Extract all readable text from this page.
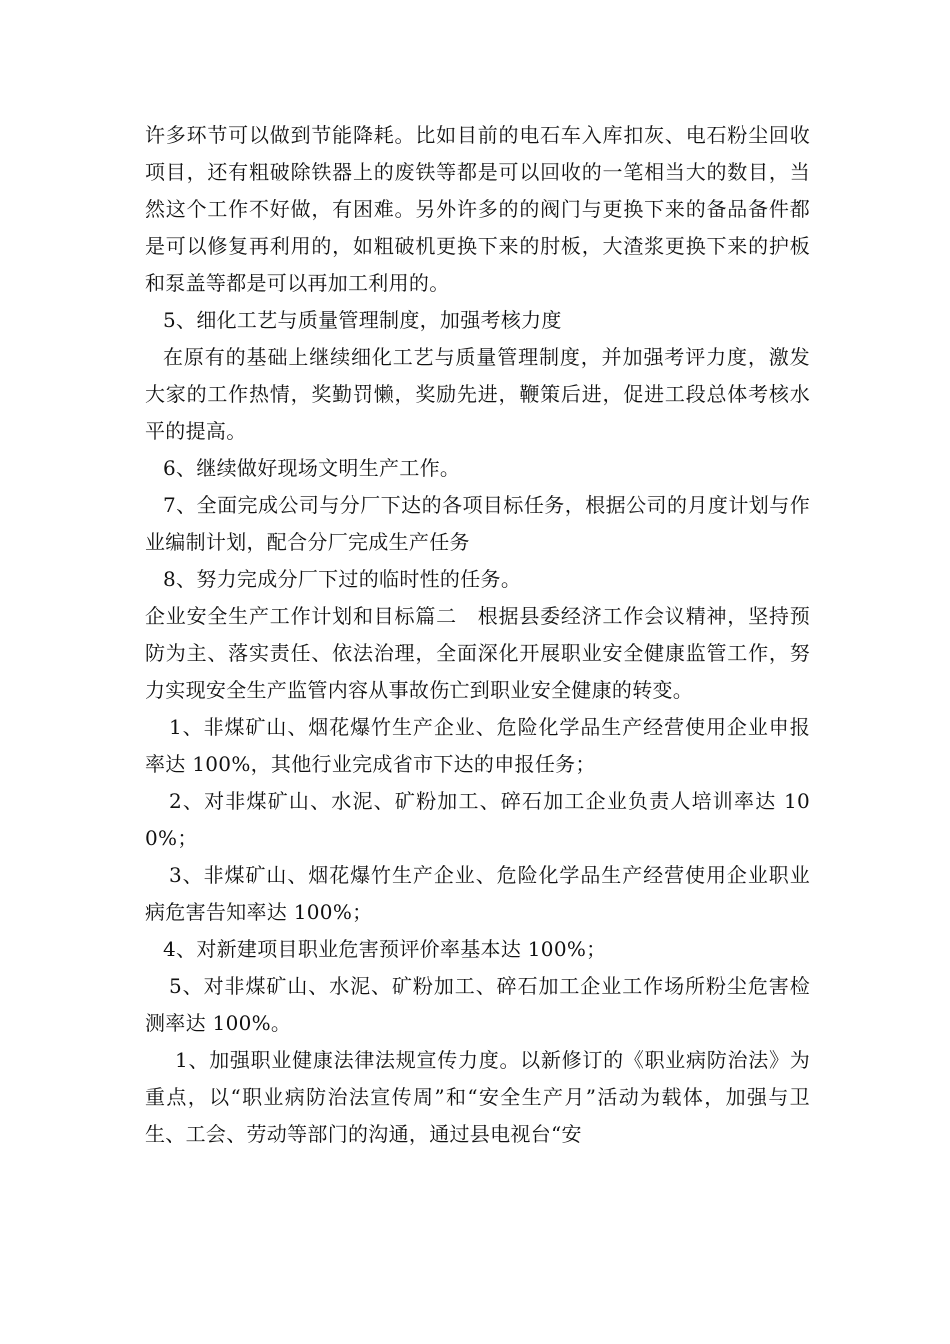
许多环节可以做到节能降耗。比如目前的电石车入库扣灰、电石粉尘回收项目，还有粗破除铁器上的废铁等都是可以回收的一笔相当大的数目，当然这个工作不好做，有困难。另外许多的的阀门与更换下来的备品备件都是可以修复再利用的，如粗破机更换下来的肘板，大渣浆更换下来的护板和泵盖等都是可以再加工利用的。

5、细化工艺与质量管理制度，加强考核力度

在原有的基础上继续细化工艺与质量管理制度，并加强考评力度，激发大家的工作热情，奖勤罚懒，奖励先进，鞭策后进，促进工段总体考核水平的提高。

6、继续做好现场文明生产工作。

7、全面完成公司与分厂下达的各项目标任务，根据公司的月度计划与作业编制计划，配合分厂完成生产任务

8、努力完成分厂下过的临时性的任务。

企业安全生产工作计划和目标篇二　根据县委经济工作会议精神，坚持预防为主、落实责任、依法治理，全面深化开展职业安全健康监管工作，努力实现安全生产监管内容从事故伤亡到职业安全健康的转变。

1、非煤矿山、烟花爆竹生产企业、危险化学品生产经营使用企业申报率达 100%，其他行业完成省市下达的申报任务；

2、对非煤矿山、水泥、矿粉加工、碎石加工企业负责人培训率达 100%；

3、非煤矿山、烟花爆竹生产企业、危险化学品生产经营使用企业职业病危害告知率达 100%；

4、对新建项目职业危害预评价率基本达 100%；

5、对非煤矿山、水泥、矿粉加工、碎石加工企业工作场所粉尘危害检测率达 100%。

1、加强职业健康法律法规宣传力度。以新修订的《职业病防治法》为重点，以“职业病防治法宣传周”和“安全生产月”活动为载体，加强与卫生、工会、劳动等部门的沟通，通过县电视台“安
